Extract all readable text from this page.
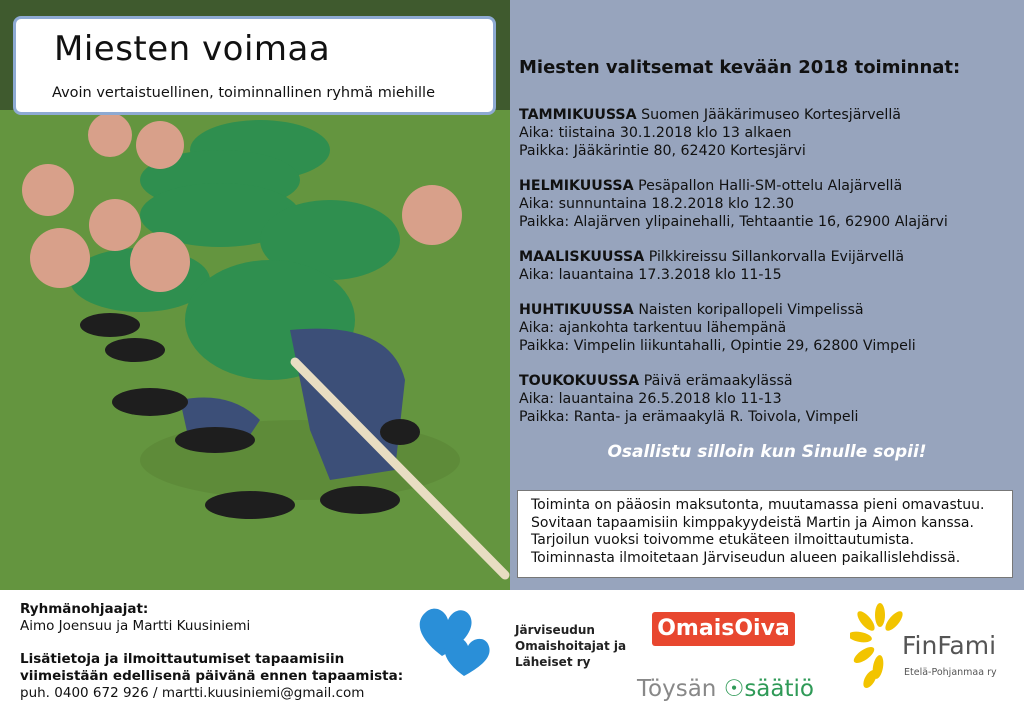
Miesten voimaa
Avoin vertaistuellinen, toiminnallinen ryhmä miehille
Miesten valitsemat kevään 2018 toiminnat:
TAMMIKUUSSA Suomen Jääkärimuseo Kortesjärvellä
Aika: tiistaina 30.1.2018 klo 13 alkaen
Paikka: Jääkärintie 80, 62420 Kortesjärvi
HELMIKUUSSA Pesäpallon Halli-SM-ottelu Alajärvellä
Aika: sunnuntaina 18.2.2018 klo 12.30
Paikka: Alajärven ylipainehalli, Tehtaantie 16, 62900 Alajärvi
MAALISKUUSSA Pilkkireissu Sillankorvalla Evijärvellä
Aika: lauantaina 17.3.2018 klo 11-15
HUHTIKUUSSA Naisten koripallopeli Vimpelissä
Aika: ajankohta tarkentuu lähempänä
Paikka: Vimpelin liikuntahalli, Opintie 29, 62800 Vimpeli
TOUKOKUUSSA Päivä erämaakylässä
Aika: lauantaina 26.5.2018 klo 11-13
Paikka: Ranta- ja erämaakylä R. Toivola, Vimpeli
Osallistu silloin kun Sinulle sopii!
Toiminta on pääosin maksutonta, muutamassa pieni omavastuu.
Sovitaan tapaamisiin kimppakyydeistä Martin ja Aimon kanssa.
Tarjoilun vuoksi toivomme etukäteen ilmoittautumista.
Toiminnasta ilmoitetaan Järviseudun alueen paikallislehdissä.
Ryhmänohjaajat:
Aimo Joensuu ja Martti Kuusiniemi
Lisätietoja ja ilmoittautumiset tapaamisiin
viimeistään edellisenä päivänä ennen tapaamista:
puh. 0400 672 926 / martti.kuusiniemi@gmail.com
Järviseudun
Omaishoitajat ja
Läheiset ry
OmaisOiva
Töysän ☉säätiö
FinFami
Etelä-Pohjanmaa ry
